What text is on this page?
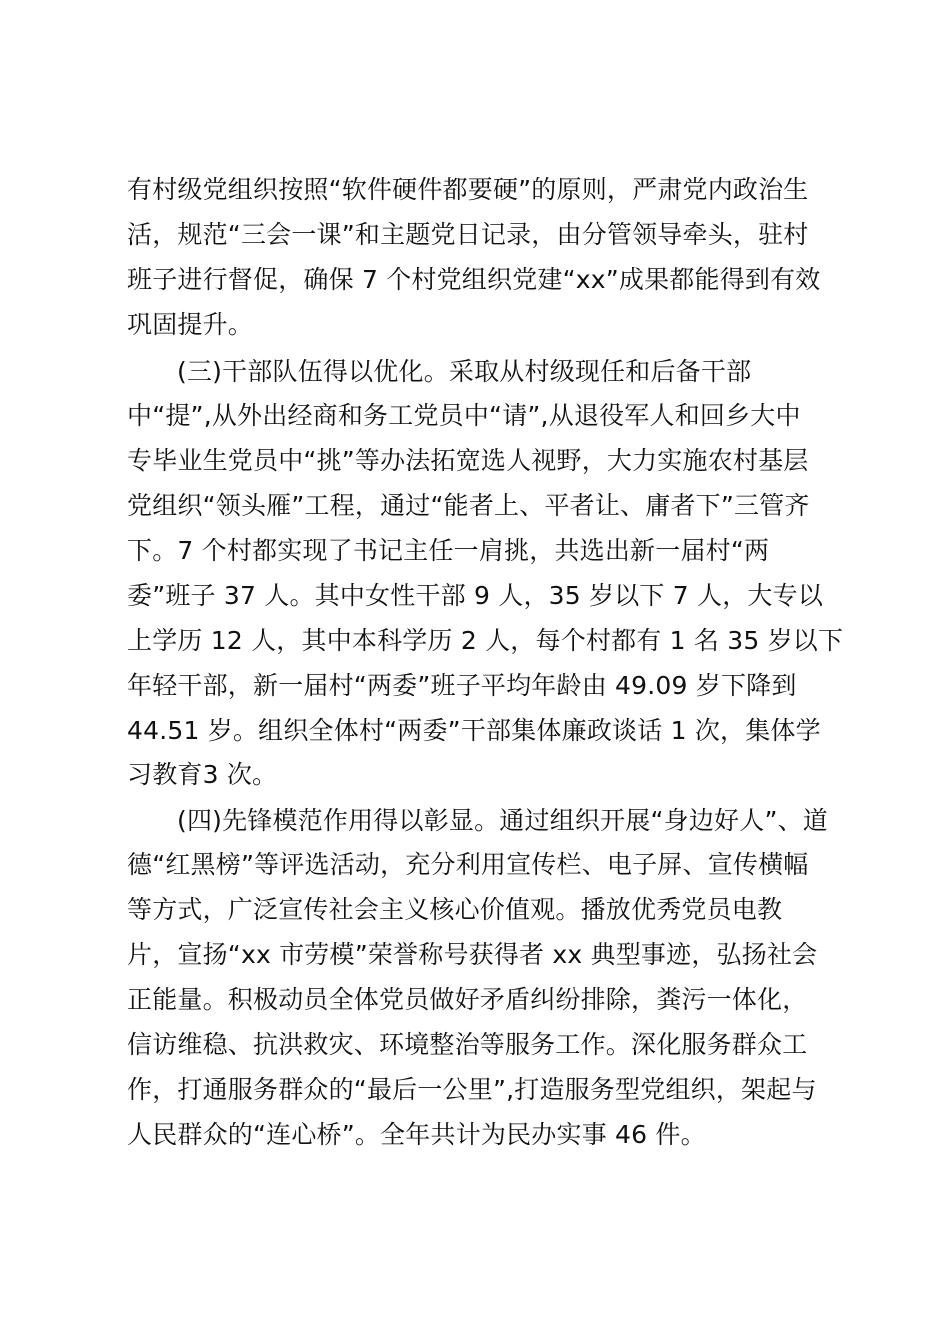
有村级党组织按照“软件硬件都要硬”的原则，严肃党内政治生
活，规范“三会一课”和主题党日记录，由分管领导牵头，驻村
班子进行督促，确保 7 个村党组织党建“xx”成果都能得到有效
巩固提升。
(三)干部队伍得以优化。采取从村级现任和后备干部
中“提”,从外出经商和务工党员中“请”,从退役军人和回乡大中
专毕业生党员中“挑”等办法拓宽选人视野，大力实施农村基层
党组织“领头雁”工程，通过“能者上、平者让、庸者下”三管齐
下。7 个村都实现了书记主任一肩挑，共选出新一届村“两
委”班子 37 人。其中女性干部 9 人，35 岁以下 7 人，大专以
上学历 12 人，其中本科学历 2 人，每个村都有 1 名 35 岁以下
年轻干部，新一届村“两委”班子平均年龄由 49.09 岁下降到
44.51 岁。组织全体村“两委”干部集体廉政谈话 1 次，集体学
习教育3 次。
(四)先锋模范作用得以彰显。通过组织开展“身边好人”、道
德“红黑榜”等评选活动，充分利用宣传栏、电子屏、宣传横幅
等方式，广泛宣传社会主义核心价值观。播放优秀党员电教
片，宣扬“xx 市劳模”荣誉称号获得者 xx 典型事迹，弘扬社会
正能量。积极动员全体党员做好矛盾纠纷排除，粪污一体化，
信访维稳、抗洪救灾、环境整治等服务工作。深化服务群众工
作，打通服务群众的“最后一公里”,打造服务型党组织，架起与
人民群众的“连心桥”。全年共计为民办实事 46 件。
